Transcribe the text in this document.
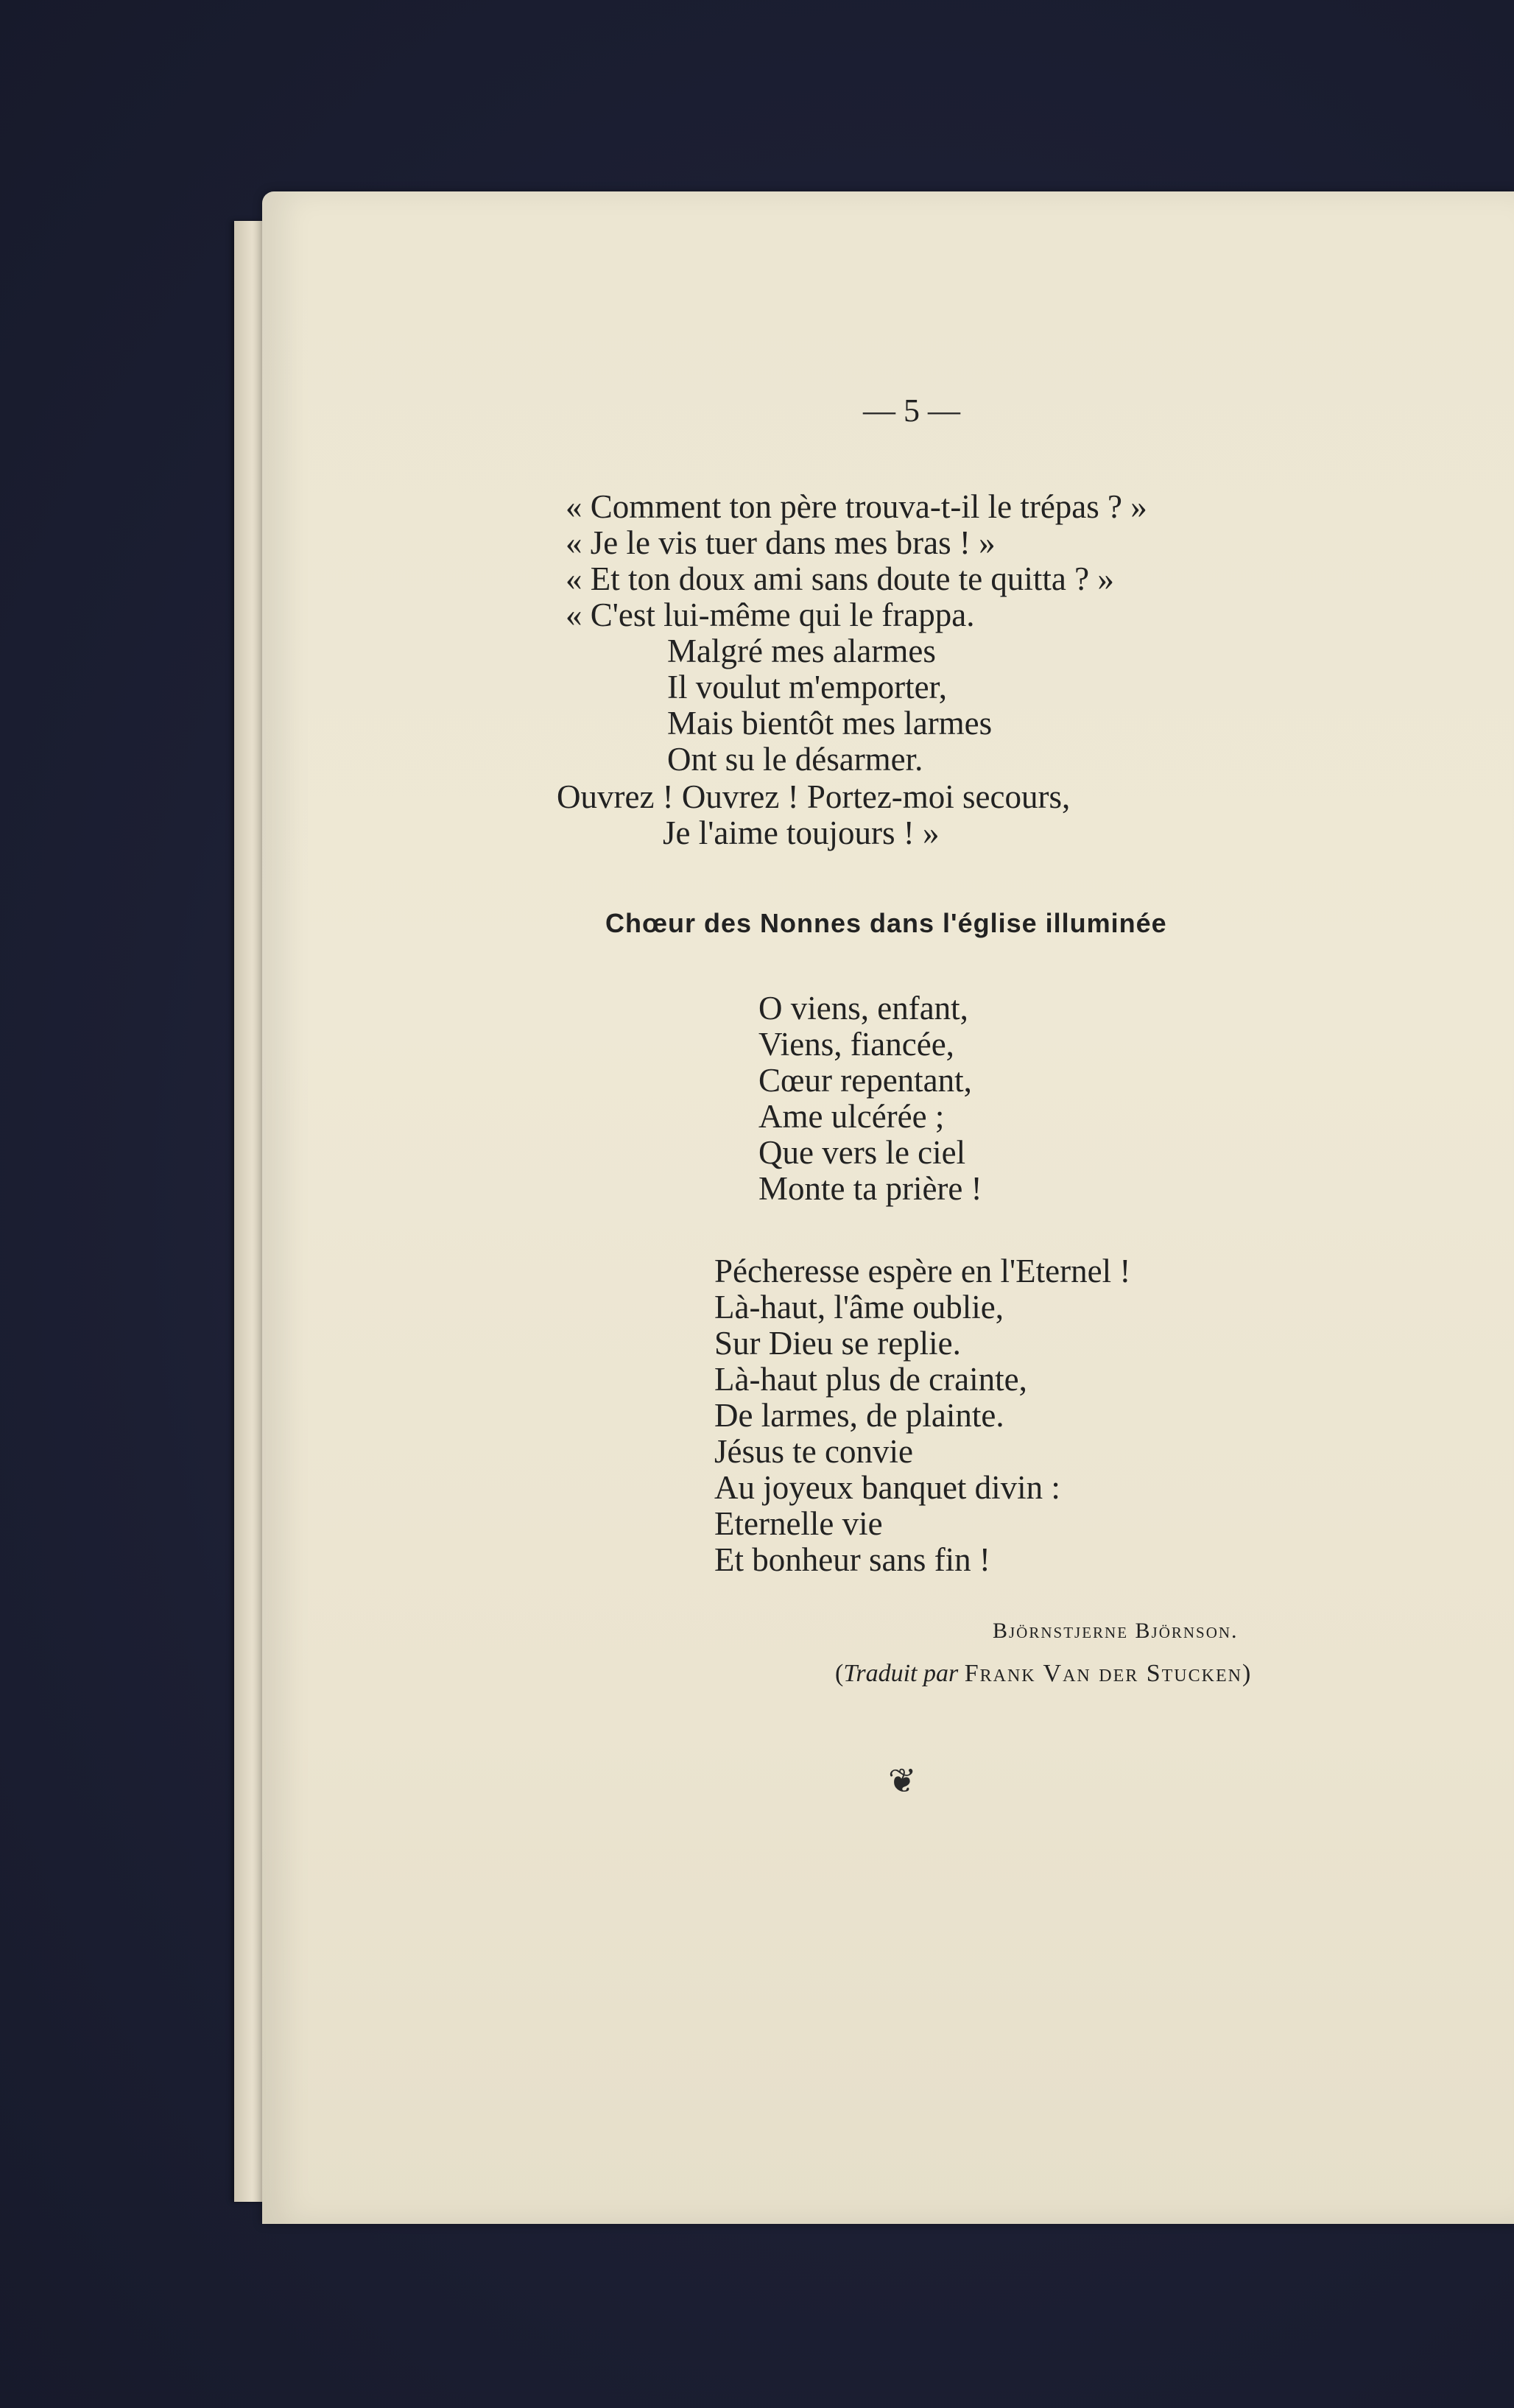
— 5 —
« Comment ton père trouva-t-il le trépas ? »
« Je le vis tuer dans mes bras ! »
« Et ton doux ami sans doute te quitta ? »
« C'est lui-même qui le frappa.
Malgré mes alarmes
Il voulut m'emporter,
Mais bientôt mes larmes
Ont su le désarmer.
Ouvrez ! Ouvrez ! Portez-moi secours,
Je l'aime toujours ! »
Chœur des Nonnes dans l'église illuminée
O viens, enfant,
Viens, fiancée,
Cœur repentant,
Ame ulcérée ;
Que vers le ciel
Monte ta prière !
Pécheresse espère en l'Eternel !
Là-haut, l'âme oublie,
Sur Dieu se replie.
Là-haut plus de crainte,
De larmes, de plainte.
Jésus te convie
Au joyeux banquet divin :
Eternelle vie
Et bonheur sans fin !
Björnstjerne Björnson.
(Traduit par Frank Van der Stucken)
❦
